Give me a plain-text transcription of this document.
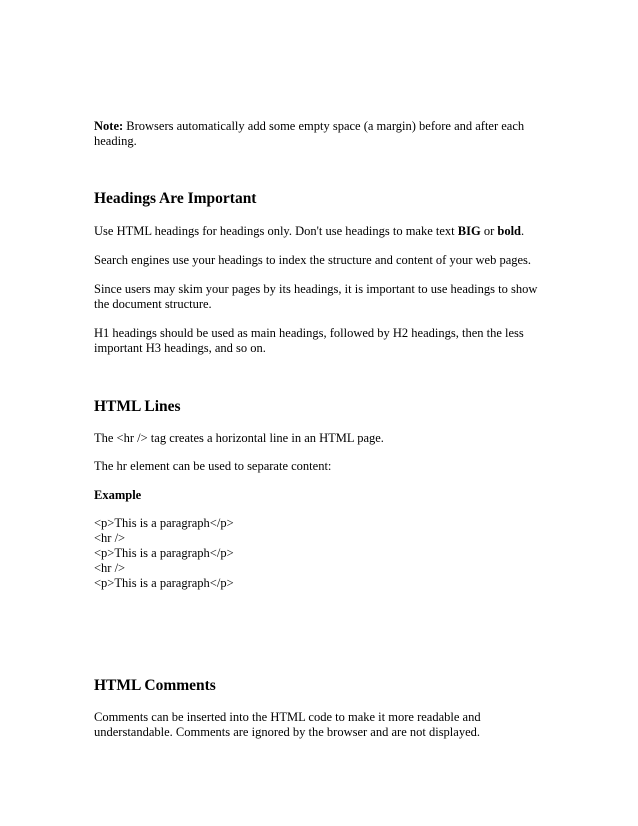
Note: Browsers automatically add some empty space (a margin) before and after each heading.

Headings Are Important

Use HTML headings for headings only. Don't use headings to make text BIG or bold.

Search engines use your headings to index the structure and content of your web pages.

Since users may skim your pages by its headings, it is important to use headings to show the document structure.

H1 headings should be used as main headings, followed by H2 headings, then the less important H3 headings, and so on.

HTML Lines

The <hr /> tag creates a horizontal line in an HTML page.

The hr element can be used to separate content:

Example

<p>This is a paragraph</p>
<hr />
<p>This is a paragraph</p>
<hr />
<p>This is a paragraph</p>
HTML Comments

Comments can be inserted into the HTML code to make it more readable and understandable. Comments are ignored by the browser and are not displayed.
